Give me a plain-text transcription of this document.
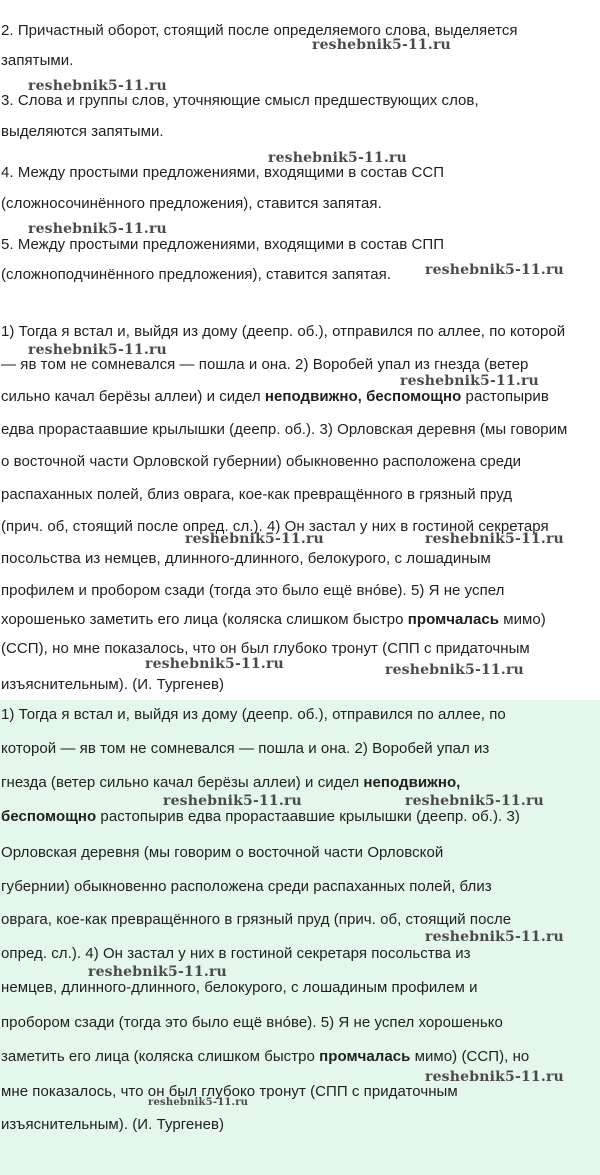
2. Причастный оборот, стоящий после определяемого слова, выделяется
запятыми.
3. Слова и группы слов, уточняющие смысл предшествующих слов,
выделяются запятыми.
4. Между простыми предложениями, входящими в состав ССП
(сложносочинённого предложения), ставится запятая.
5. Между простыми предложениями, входящими в состав СПП
(сложноподчинённого предложения), ставится запятая.
1) Тогда я встал и, выйдя из дому (деепр. об.), отправился по аллее, по которой
— яв том не сомневался — пошла и она. 2) Воробей упал из гнезда (ветер
сильно качал берёзы аллеи) и сидел неподвижно, беспомощно растопырив
едва прорастаавшие крылышки (деепр. об.). 3) Орловская деревня (мы говорим
о восточной части Орловской губернии) обыкновенно расположена среди
распаханных полей, близ оврага, кое-как превращённого в грязный пруд
(прич. об, стоящий после опред. сл.). 4) Он застал у них в гостиной секретаря
посольства из немцев, длинного-длинного, белокурого, с лошадиным
профилем и пробором сзади (тогда это было ещё внóве). 5) Я не успел
хорошенько заметить его лица (коляска слишком быстро промчалась мимо)
(ССП), но мне показалось, что он был глубоко тронут (СПП с придаточным
изъяснительным). (И. Тургенев)
1) Тогда я встал и, выйдя из дому (деепр. об.), отправился по аллее, по
которой — яв том не сомневался — пошла и она. 2) Воробей упал из
гнезда (ветер сильно качал берёзы аллеи) и сидел неподвижно,
беспомощно растопырив едва прорастаавшие крылышки (деепр. об.). 3)
Орловская деревня (мы говорим о восточной части Орловской
губернии) обыкновенно расположена среди распаханных полей, близ
оврага, кое-как превращённого в грязный пруд (прич. об, стоящий после
опред. сл.). 4) Он застал у них в гостиной секретаря посольства из
немцев, длинного-длинного, белокурого, с лошадиным профилем и
пробором сзади (тогда это было ещё внóве). 5) Я не успел хорошенько
заметить его лица (коляска слишком быстро промчалась мимо) (ССП), но
мне показалось, что он был глубоко тронут (СПП с придаточным
изъяснительным). (И. Тургенев)
reshebnik5-11.ru
reshebnik5-11.ru
reshebnik5-11.ru
reshebnik5-11.ru
reshebnik5-11.ru
reshebnik5-11.ru
reshebnik5-11.ru
reshebnik5-11.ru	reshebnik5-11.ru
reshebnik5-11.ru	reshebnik5-11.ru
reshebnik5-11.ru	reshebnik5-11.ru
reshebnik5-11.ru
reshebnik5-11.ru
reshebnik5-11.ru
reshebnik5-11.ru
